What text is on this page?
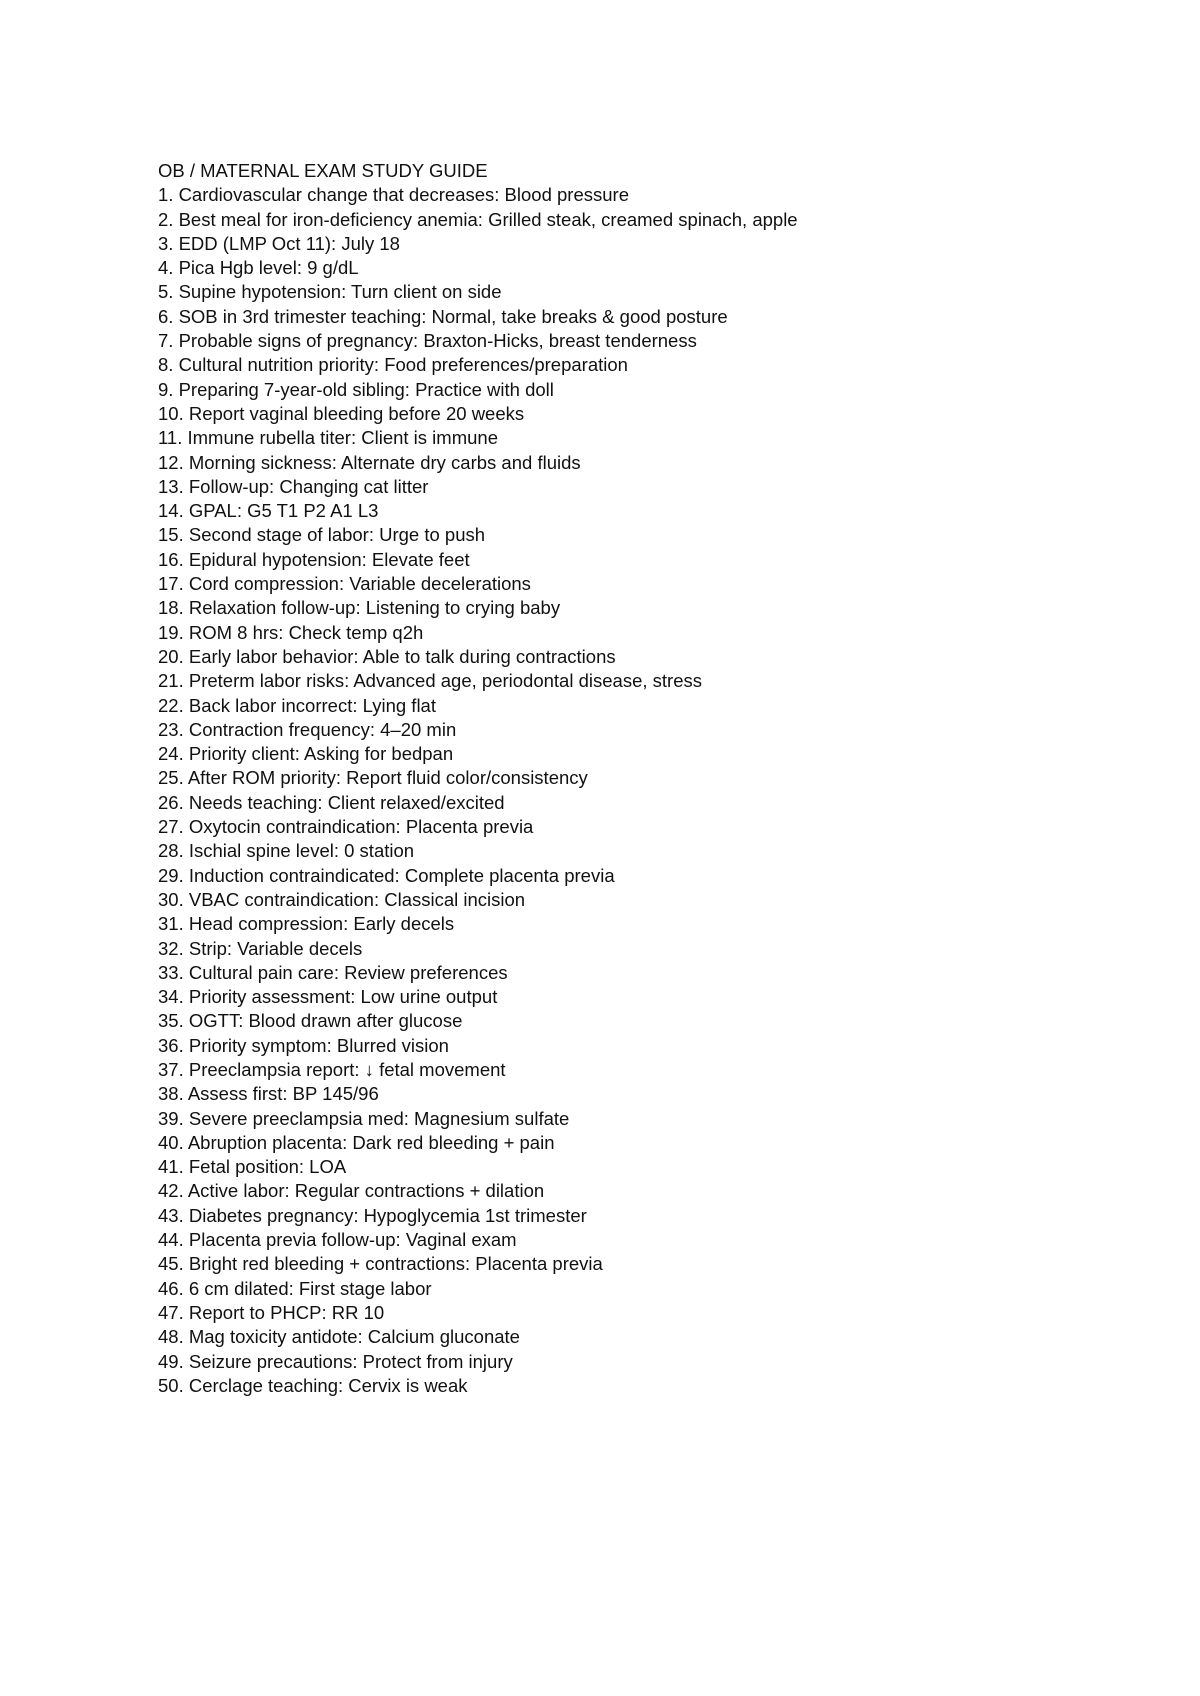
OB / MATERNAL EXAM STUDY GUIDE
1. Cardiovascular change that decreases: Blood pressure
2. Best meal for iron-deficiency anemia: Grilled steak, creamed spinach, apple
3. EDD (LMP Oct 11): July 18
4. Pica Hgb level: 9 g/dL
5. Supine hypotension: Turn client on side
6. SOB in 3rd trimester teaching: Normal, take breaks & good posture
7. Probable signs of pregnancy: Braxton-Hicks, breast tenderness
8. Cultural nutrition priority: Food preferences/preparation
9. Preparing 7-year-old sibling: Practice with doll
10. Report vaginal bleeding before 20 weeks
11. Immune rubella titer: Client is immune
12. Morning sickness: Alternate dry carbs and fluids
13. Follow-up: Changing cat litter
14. GPAL: G5 T1 P2 A1 L3
15. Second stage of labor: Urge to push
16. Epidural hypotension: Elevate feet
17. Cord compression: Variable decelerations
18. Relaxation follow-up: Listening to crying baby
19. ROM 8 hrs: Check temp q2h
20. Early labor behavior: Able to talk during contractions
21. Preterm labor risks: Advanced age, periodontal disease, stress
22. Back labor incorrect: Lying flat
23. Contraction frequency: 4–20 min
24. Priority client: Asking for bedpan
25. After ROM priority: Report fluid color/consistency
26. Needs teaching: Client relaxed/excited
27. Oxytocin contraindication: Placenta previa
28. Ischial spine level: 0 station
29. Induction contraindicated: Complete placenta previa
30. VBAC contraindication: Classical incision
31. Head compression: Early decels
32. Strip: Variable decels
33. Cultural pain care: Review preferences
34. Priority assessment: Low urine output
35. OGTT: Blood drawn after glucose
36. Priority symptom: Blurred vision
37. Preeclampsia report: ↓ fetal movement
38. Assess first: BP 145/96
39. Severe preeclampsia med: Magnesium sulfate
40. Abruption placenta: Dark red bleeding + pain
41. Fetal position: LOA
42. Active labor: Regular contractions + dilation
43. Diabetes pregnancy: Hypoglycemia 1st trimester
44. Placenta previa follow-up: Vaginal exam
45. Bright red bleeding + contractions: Placenta previa
46. 6 cm dilated: First stage labor
47. Report to PHCP: RR 10
48. Mag toxicity antidote: Calcium gluconate
49. Seizure precautions: Protect from injury
50. Cerclage teaching: Cervix is weak
